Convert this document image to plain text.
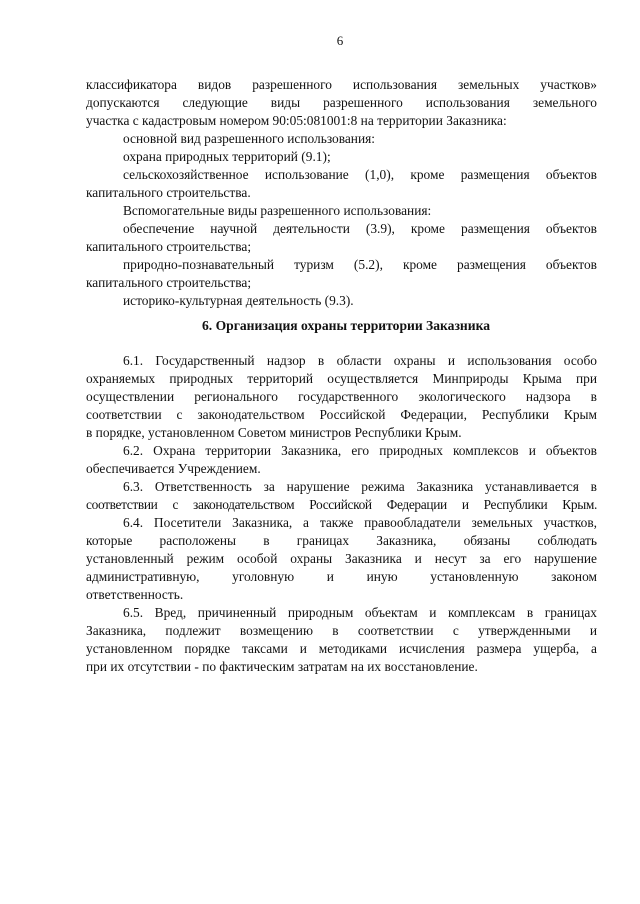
6
классификатора видов разрешенного использования земельных участков»
допускаются следующие виды разрешенного использования земельного
участка с кадастровым номером 90:05:081001:8 на территории Заказника:
основной вид разрешенного использования:
охрана природных территорий (9.1);
сельскохозяйственное использование (1,0), кроме размещения объектов
капитального строительства.
Вспомогательные виды разрешенного использования:
обеспечение научной деятельности (3.9), кроме размещения объектов
капитального строительства;
природно-познавательный туризм (5.2), кроме размещения объектов
капитального строительства;
историко-культурная деятельность (9.3).
6. Организация охраны территории Заказника
6.1. Государственный надзор в области охраны и использования особо
охраняемых природных территорий осуществляется Минприроды Крыма при
осуществлении регионального государственного экологического надзора в
соответствии с законодательством Российской Федерации, Республики Крым
в порядке, установленном Советом министров Республики Крым.
6.2. Охрана территории Заказника, его природных комплексов и объектов
обеспечивается Учреждением.
6.3. Ответственность за нарушение режима Заказника устанавливается в
соответствии с законодательством Российской Федерации и Республики Крым.
6.4. Посетители Заказника, а также правообладатели земельных участков,
которые расположены в границах Заказника, обязаны соблюдать
установленный режим особой охраны Заказника и несут за его нарушение
административную, уголовную и иную установленную законом
ответственность.
6.5. Вред, причиненный природным объектам и комплексам в границах
Заказника, подлежит возмещению в соответствии с утвержденными и
установленном порядке таксами и методиками исчисления размера ущерба, а
при их отсутствии - по фактическим затратам на их восстановление.
